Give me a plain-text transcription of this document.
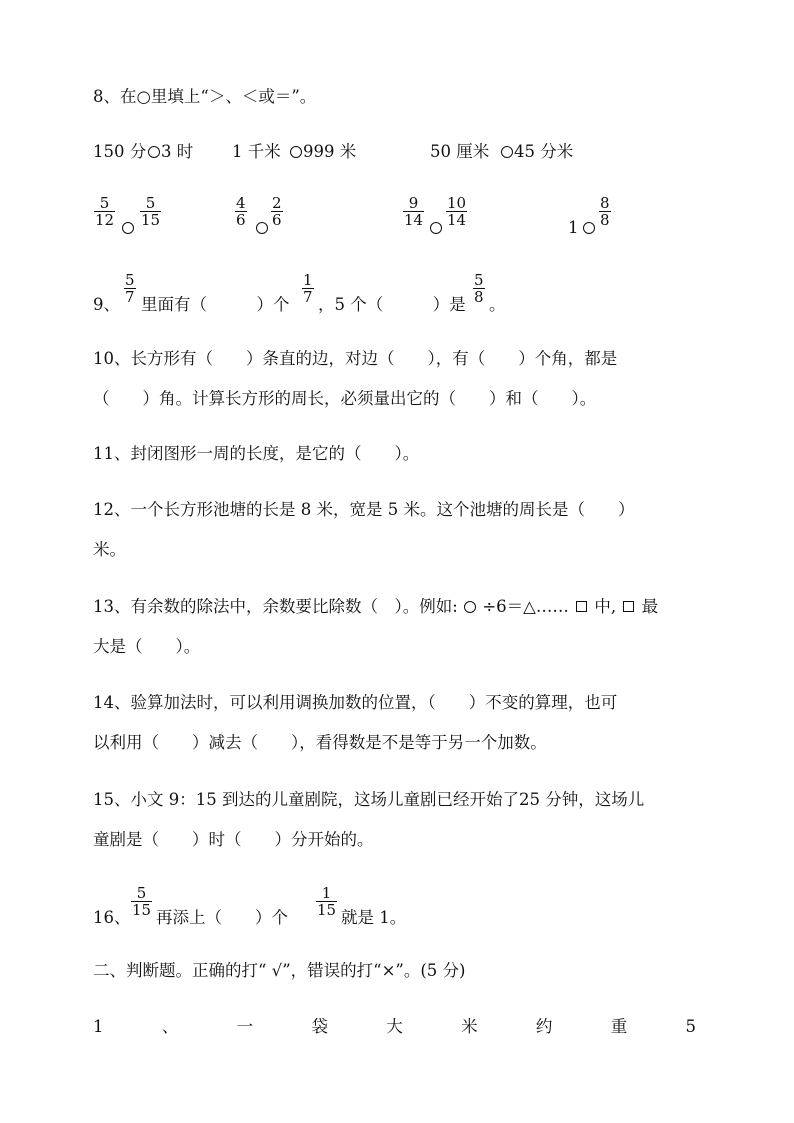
8、在○里填上“＞、＜或＝”。
150 分 3 时 1 千米 999 米	50 厘米 45 分米
$\frac{5}{12} \frac{5}{15}$	$\frac{4}{6} \frac{2}{6}$	$\frac{9}{14} \frac{10}{14}$	$1 \frac{8}{8}$
9、 $\frac{5}{7}$ 里面有（　　　）个 $\frac{1}{7}$ ，5 个（　　　）是 $\frac{5}{8}$ 。
10、长方形有（　　）条直的边，对边（　　），有（　　）个角，都是
（　　）角。计算长方形的周长，必须量出它的（　　）和（　　）。
11、封闭图形一周的长度，是它的（　　）。
12、一个长方形池塘的长是 8 米，宽是 5 米。这个池塘的周长是（　　）
米。
13、有余数的除法中，余数要比除数（　）。例如: ÷6＝△…… 中, 最
大是（　　）。
14、验算加法时，可以利用调换加数的位置，（　　）不变的算理，也可
以利用（　　）减去（　　），看得数是不是等于另一个加数。
15、小文 9：15 到达的儿童剧院，这场儿童剧已经开始了25 分钟，这场儿
童剧是（　　）时（　　）分开始的。
16、 $\frac{5}{15}$ 再添上（　　）个 $\frac{1}{15}$ 就是 1。
二、判断题。正确的打“ √”，错误的打“×”。(5 分)
1	、	一	袋	大	米	约	重	5
